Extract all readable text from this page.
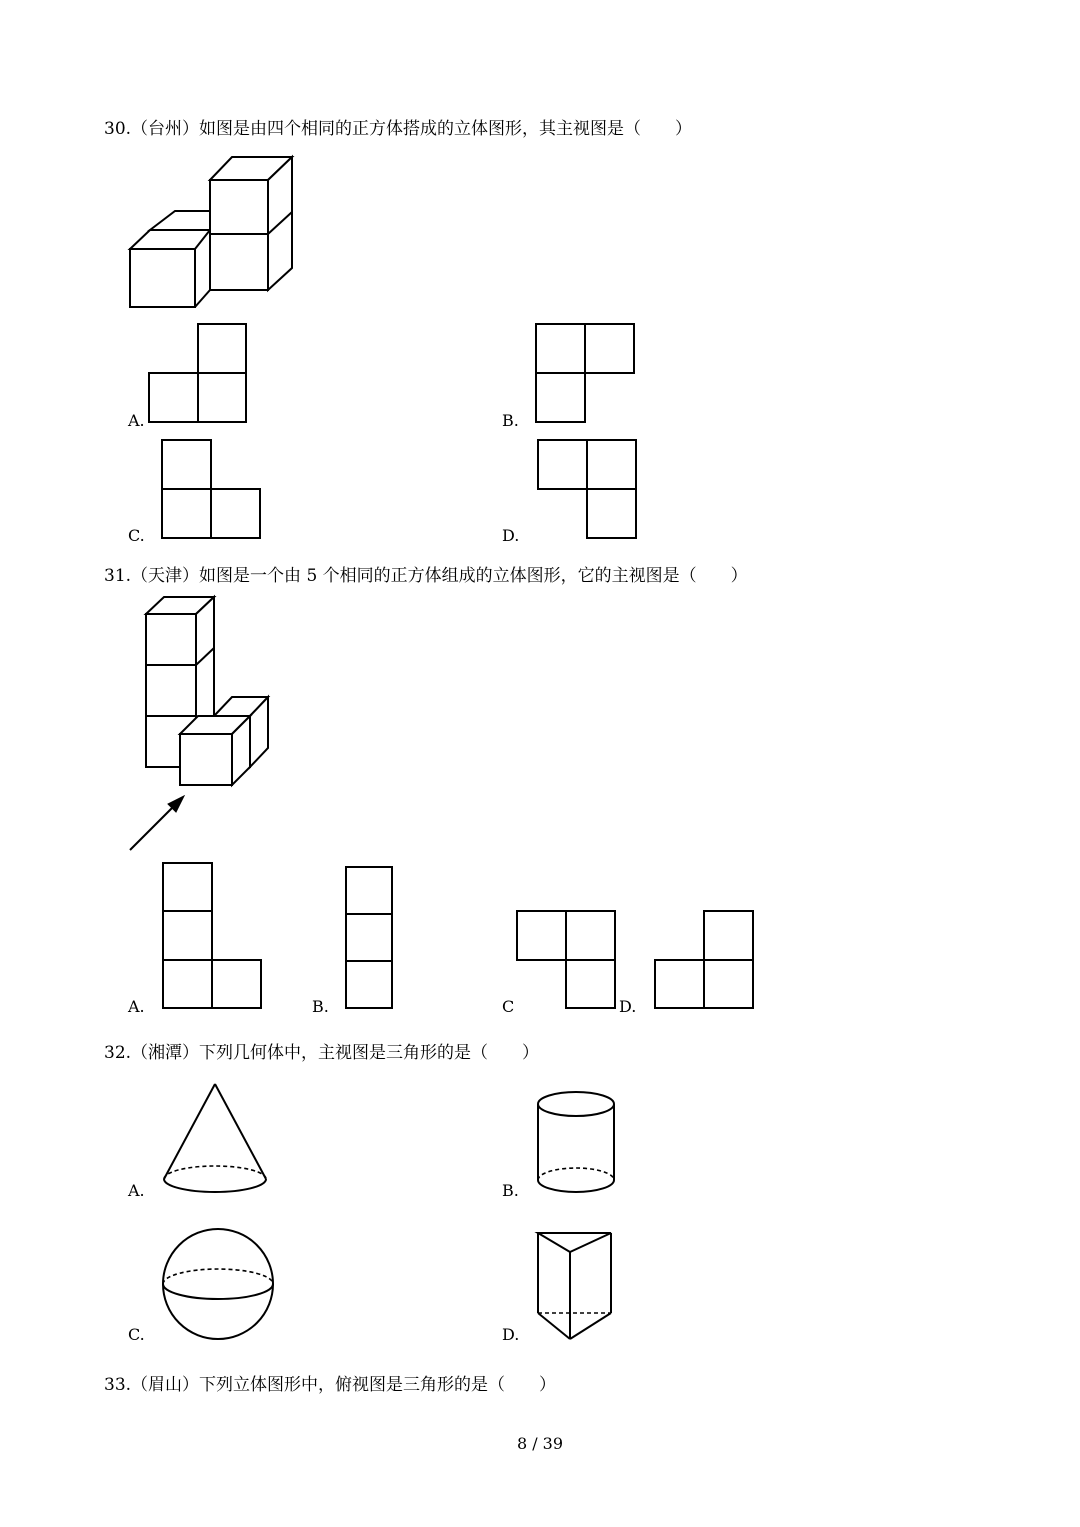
30.（台州）如图是由四个相同的正方体搭成的立体图形，其主视图是（　　）
A.	B.
C.	D.
31.（天津）如图是一个由 5 个相同的正方体组成的立体图形，它的主视图是（　　）
A.	B.	C	D.
32.（湘潭）下列几何体中，主视图是三角形的是（　　）
A.	B.
C.	D.
33.（眉山）下列立体图形中，俯视图是三角形的是（　　）
8 / 39
